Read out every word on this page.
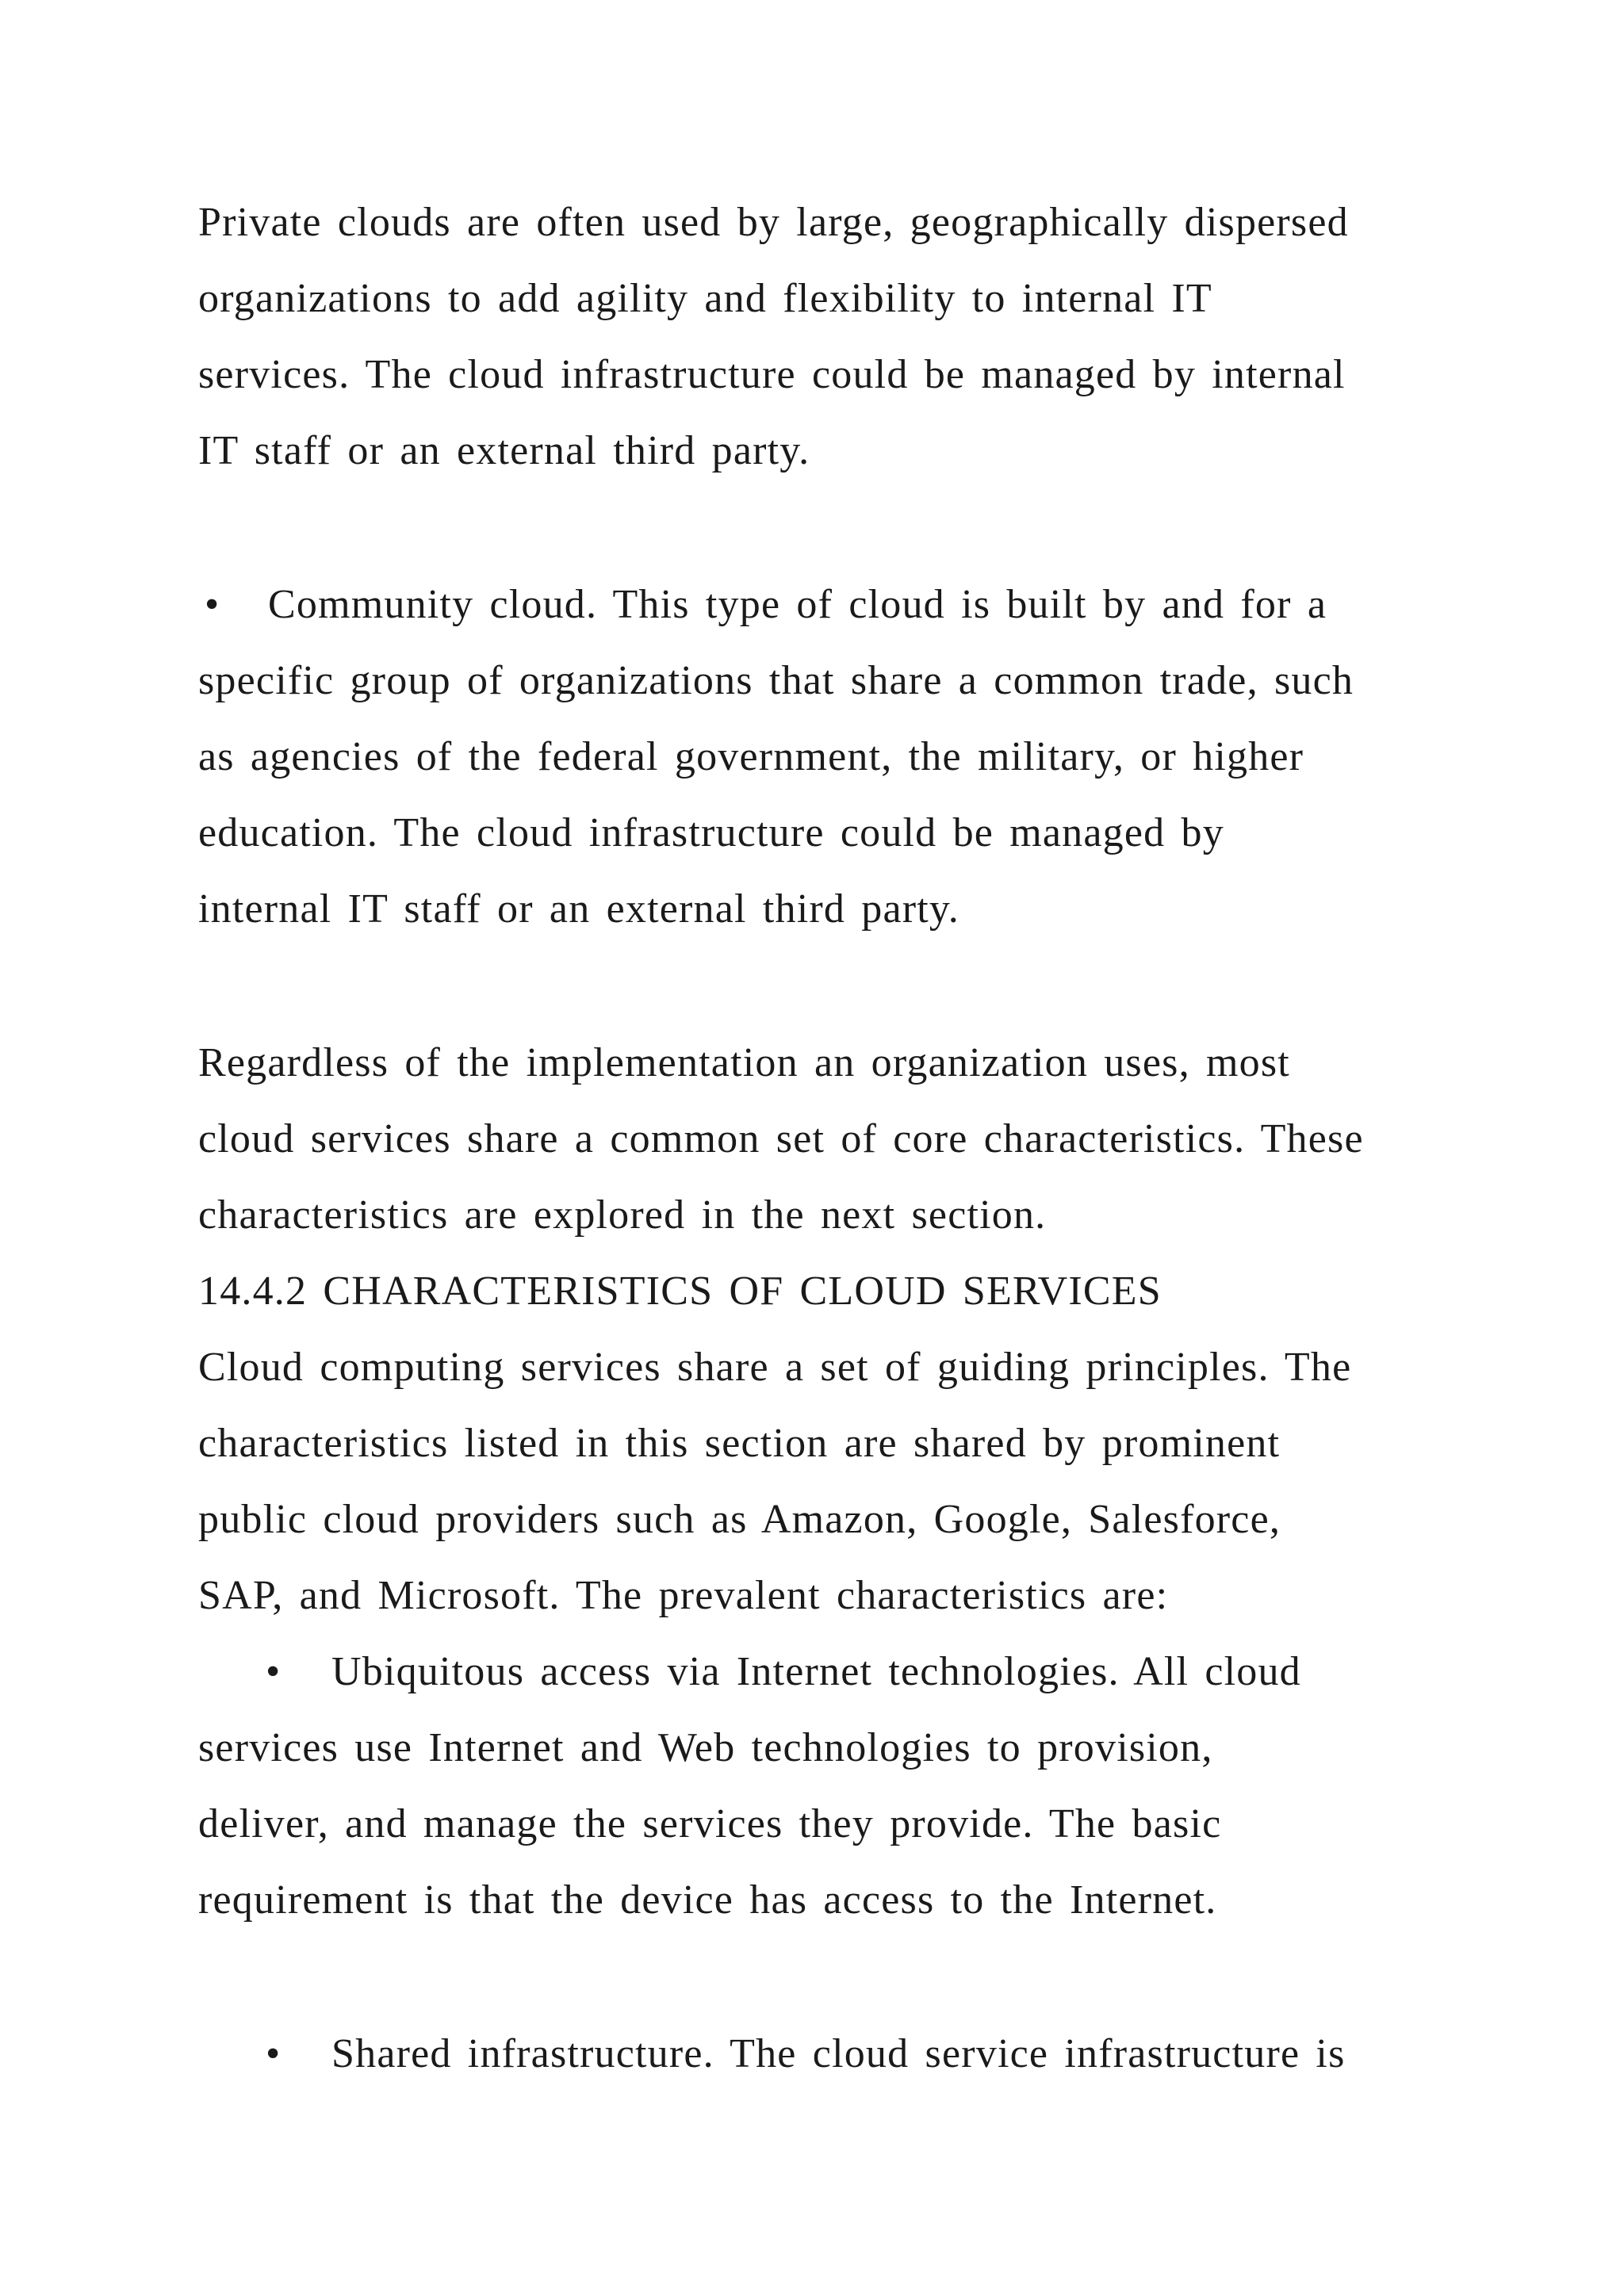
Private clouds are often used by large, geographically dispersed
organizations to add agility and flexibility to internal IT
services. The cloud infrastructure could be managed by internal
IT staff or an external third party.
• Community cloud. This type of cloud is built by and for a
specific group of organizations that share a common trade, such
as agencies of the federal government, the military, or higher
education. The cloud infrastructure could be managed by
internal IT staff or an external third party.
Regardless of the implementation an organization uses, most
cloud services share a common set of core characteristics. These
characteristics are explored in the next section.
14.4.2 CHARACTERISTICS OF CLOUD SERVICES
Cloud computing services share a set of guiding principles. The
characteristics listed in this section are shared by prominent
public cloud providers such as Amazon, Google, Salesforce,
SAP, and Microsoft. The prevalent characteristics are:
• Ubiquitous access via Internet technologies. All cloud
services use Internet and Web technologies to provision,
deliver, and manage the services they provide. The basic
requirement is that the device has access to the Internet.
• Shared infrastructure. The cloud service infrastructure is
